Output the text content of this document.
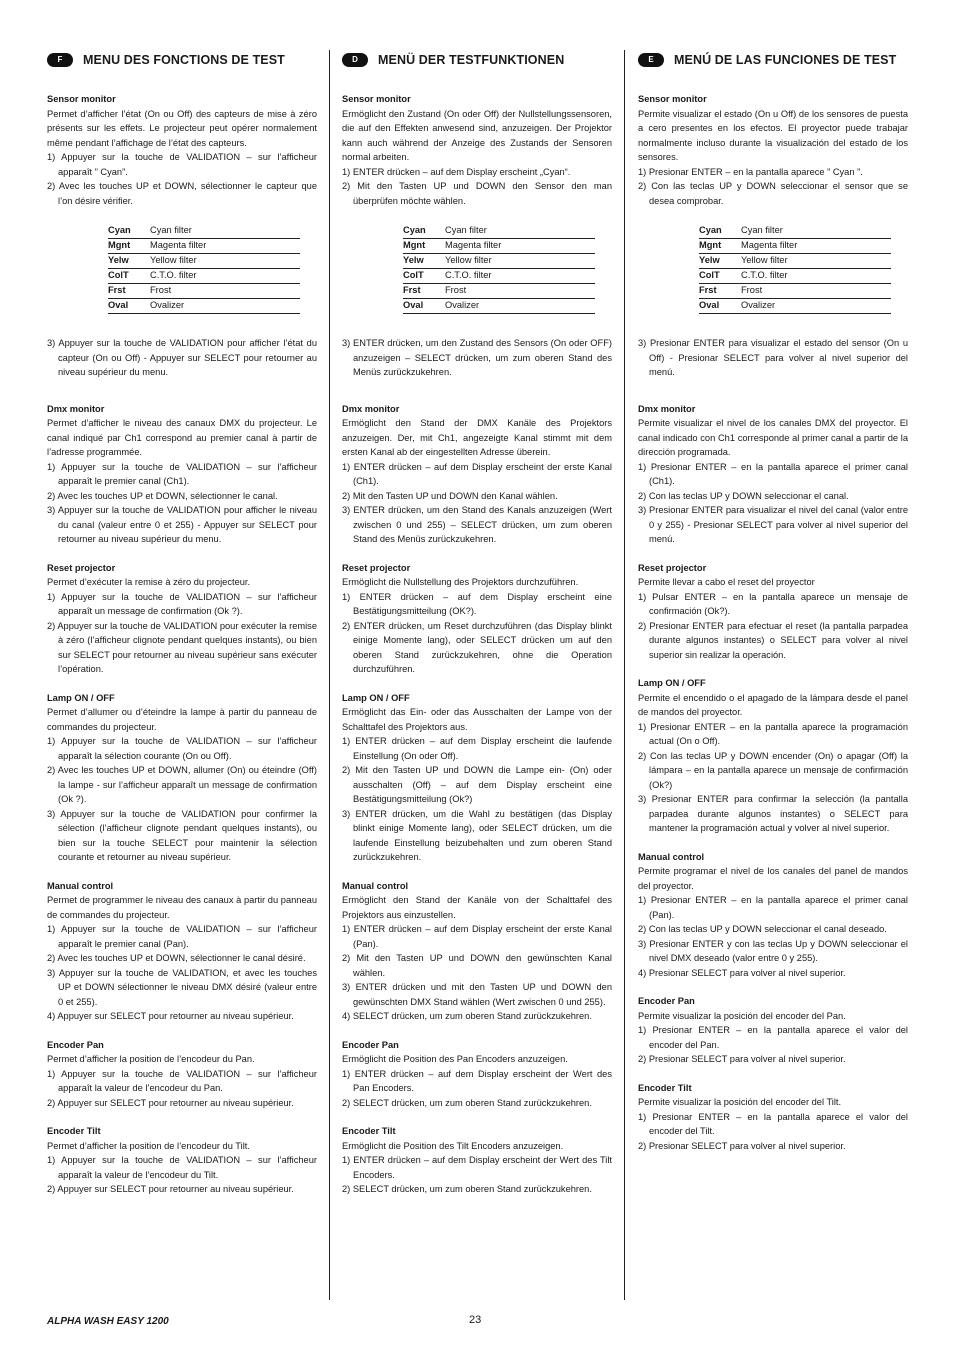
F	MENU DES FONCTIONS DE TEST
Sensor monitor
Permet d’afficher l’état (On ou Off) des capteurs de mise à zéro présents sur les effets. Le projecteur peut opérer normalement même pendant l’affichage de l’état des capteurs.
1) Appuyer sur la touche de VALIDATION – sur l’afficheur apparaît ” Cyan”.
2) Avec les touches UP et DOWN, sélectionner le capteur que l’on désire vérifier.
Cyan	Cyan filter
Mgnt	Magenta filter
Yelw	Yellow filter
ColT	C.T.O. filter
Frst	Frost
Oval	Ovalizer
3) Appuyer sur la touche de VALIDATION pour afficher l’état du capteur (On ou Off) - Appuyer sur SELECT pour retourner au niveau supérieur du menu.
Dmx monitor
Permet d’afficher le niveau des canaux DMX du projecteur. Le canal indiqué par Ch1 correspond au premier canal à partir de l’adresse programmée.
1) Appuyer sur la touche de VALIDATION – sur l’afficheur apparaît le premier canal (Ch1).
2) Avec les touches UP et DOWN, sélectionner le canal.
3) Appuyer sur la touche de VALIDATION pour afficher le niveau du canal (valeur entre 0 et 255) - Appuyer sur SELECT pour retourner au niveau supérieur du menu.
Reset projector
Permet d’exécuter la remise à zéro du projecteur.
1) Appuyer sur la touche de VALIDATION – sur l’afficheur apparaît un message de confirmation (Ok ?).
2) Appuyer sur la touche de VALIDATION pour exécuter la remise à zéro (l’afficheur clignote pendant quelques instants), ou bien sur SELECT pour retourner au niveau supérieur sans exécuter l’opération.
Lamp ON / OFF
Permet d’allumer ou d’éteindre la lampe à partir du panneau de commandes du projecteur.
1) Appuyer sur la touche de VALIDATION – sur l’afficheur apparaît la sélection courante (On ou Off).
2) Avec les touches UP et DOWN, allumer (On) ou éteindre (Off) la lampe - sur l’afficheur apparaît un message de confirmation (Ok ?).
3) Appuyer sur la touche de VALIDATION pour confirmer la sélection (l’afficheur clignote pendant quelques instants), ou bien sur la touche SELECT pour maintenir la sélection courante et retourner au niveau supérieur.
Manual control
Permet de programmer le niveau des canaux à partir du panneau de commandes du projecteur.
1) Appuyer sur la touche de VALIDATION – sur l’afficheur apparaît le premier canal (Pan).
2) Avec les touches UP et DOWN, sélectionner le canal désiré.
3) Appuyer sur la touche de VALIDATION, et avec les touches UP et DOWN sélectionner le niveau DMX désiré (valeur entre 0 et 255).
4) Appuyer sur SELECT pour retourner au niveau supérieur.
Encoder Pan
Permet d’afficher la position de l’encodeur du Pan.
1) Appuyer sur la touche de VALIDATION – sur l’afficheur apparaît la valeur de l’encodeur du Pan.
2) Appuyer sur SELECT pour retourner au niveau supérieur.
Encoder Tilt
Permet d’afficher la position de l’encodeur du Tilt.
1) Appuyer sur la touche de VALIDATION – sur l’afficheur apparaît la valeur de l’encodeur du Tilt.
2) Appuyer sur SELECT pour retourner au niveau supérieur.
D	MENÜ DER TESTFUNKTIONEN
Sensor monitor
Ermöglicht den Zustand (On oder Off) der Nullstellungssensoren, die auf den Effekten anwesend sind, anzuzeigen. Der Projektor kann auch während der Anzeige des Zustands der Sensoren normal arbeiten.
1) ENTER drücken – auf dem Display erscheint „Cyan“.
2) Mit den Tasten UP und DOWN den Sensor den man überprüfen möchte wählen.
Cyan	Cyan filter
Mgnt	Magenta filter
Yelw	Yellow filter
ColT	C.T.O. filter
Frst	Frost
Oval	Ovalizer
3) ENTER drücken, um den Zustand des Sensors (On oder OFF) anzuzeigen – SELECT drücken, um zum oberen Stand des Menüs zurückzukehren.
Dmx monitor
Ermöglicht den Stand der DMX Kanäle des Projektors anzuzeigen. Der, mit Ch1, angezeigte Kanal stimmt mit dem ersten Kanal ab der eingestellten Adresse überein.
1) ENTER drücken – auf dem Display erscheint der erste Kanal (Ch1).
2) Mit den Tasten UP und DOWN den Kanal wählen.
3) ENTER drücken, um den Stand des Kanals anzuzeigen (Wert zwischen 0 und 255) – SELECT drücken, um zum oberen Stand des Menüs zurückzukehren.
Reset projector
Ermöglicht die Nullstellung des Projektors durchzuführen.
1) ENTER drücken – auf dem Display erscheint eine Bestätigungsmitteilung (OK?).
2) ENTER drücken, um Reset durchzuführen (das Display blinkt einige Momente lang), oder SELECT drücken um auf den oberen Stand zurückzukehren, ohne die Operation durchzuführen.
Lamp ON / OFF
Ermöglicht das Ein- oder das Ausschalten der Lampe von der Schalttafel des Projektors aus.
1) ENTER drücken – auf dem Display erscheint die laufende Einstellung (On oder Off).
2) Mit den Tasten UP und DOWN die Lampe ein- (On) oder ausschalten (Off) – auf dem Display erscheint eine Bestätigungsmitteilung (Ok?)
3) ENTER drücken, um die Wahl zu bestätigen (das Display blinkt einige Momente lang), oder SELECT drücken, um die laufende Einstellung beizubehalten und zum oberen Stand zurückzukehren.
Manual control
Ermöglicht den Stand der Kanäle von der Schalttafel des Projektors aus einzustellen.
1) ENTER drücken – auf dem Display erscheint der erste Kanal (Pan).
2) Mit den Tasten UP und DOWN den gewünschten Kanal wählen.
3) ENTER drücken und mit den Tasten UP und DOWN den gewünschten DMX Stand wählen (Wert zwischen 0 und 255).
4) SELECT drücken, um zum oberen Stand zurückzukehren.
Encoder Pan
Ermöglicht die Position des Pan Encoders anzuzeigen.
1) ENTER drücken – auf dem Display erscheint der Wert des Pan Encoders.
2) SELECT drücken, um zum oberen Stand zurückzukehren.
Encoder Tilt
Ermöglicht die Position des Tilt Encoders anzuzeigen.
1) ENTER drücken – auf dem Display erscheint der Wert des Tilt Encoders.
2) SELECT drücken, um zum oberen Stand zurückzukehren.
E	MENÚ DE LAS FUNCIONES DE TEST
Sensor monitor
Permite visualizar el estado (On u Off) de los sensores de puesta a cero presentes en los efectos. El proyector puede trabajar normalmente incluso durante la visualización del estado de los sensores.
1) Presionar ENTER – en la pantalla aparece ” Cyan ”.
2) Con las teclas UP y DOWN seleccionar el sensor que se desea comprobar.
Cyan	Cyan filter
Mgnt	Magenta filter
Yelw	Yellow filter
ColT	C.T.O. filter
Frst	Frost
Oval	Ovalizer
3) Presionar ENTER para visualizar el estado del sensor (On u Off) - Presionar SELECT para volver al nivel superior del menú.
Dmx monitor
Permite visualizar el nivel de los canales DMX del proyector. El canal indicado con Ch1 corresponde al primer canal a partir de la dirección programada.
1) Presionar ENTER – en la pantalla aparece el primer canal (Ch1).
2) Con las teclas UP y DOWN seleccionar el canal.
3) Presionar ENTER para visualizar el nivel del canal (valor entre 0 y 255) - Presionar SELECT para volver al nivel superior del menú.
Reset projector
Permite llevar a cabo el reset del proyector
1) Pulsar ENTER – en la pantalla aparece un mensaje de confirmación (Ok?).
2) Presionar ENTER para efectuar el reset (la pantalla parpadea durante algunos instantes) o SELECT para volver al nivel superior sin realizar la operación.
Lamp ON / OFF
Permite el encendido o el apagado de la lámpara desde el panel de mandos del proyector.
1) Presionar ENTER – en la pantalla aparece la programación actual (On o Off).
2) Con las teclas UP y DOWN encender (On) o apagar (Off) la lámpara – en la pantalla aparece un mensaje de confirmación (Ok?)
3) Presionar ENTER para confirmar la selección (la pantalla parpadea durante algunos instantes) o SELECT para mantener la programación actual y volver al nivel superior.
Manual control
Permite programar el nivel de los canales del panel de mandos del proyector.
1) Presionar ENTER – en la pantalla aparece el primer canal (Pan).
2) Con las teclas UP y DOWN seleccionar el canal deseado.
3) Presionar ENTER y con las teclas Up y DOWN seleccionar el nivel DMX deseado (valor entre 0 y 255).
4) Presionar SELECT para volver al nivel superior.
Encoder Pan
Permite visualizar la posición del encoder del Pan.
1) Presionar ENTER – en la pantalla aparece el valor del encoder del Pan.
2) Presionar SELECT para volver al nivel superior.
Encoder Tilt
Permite visualizar la posición del encoder del Tilt.
1) Presionar ENTER – en la pantalla aparece el valor del encoder del Tilt.
2) Presionar SELECT para volver al nivel superior.
ALPHA WASH EASY 1200	23
